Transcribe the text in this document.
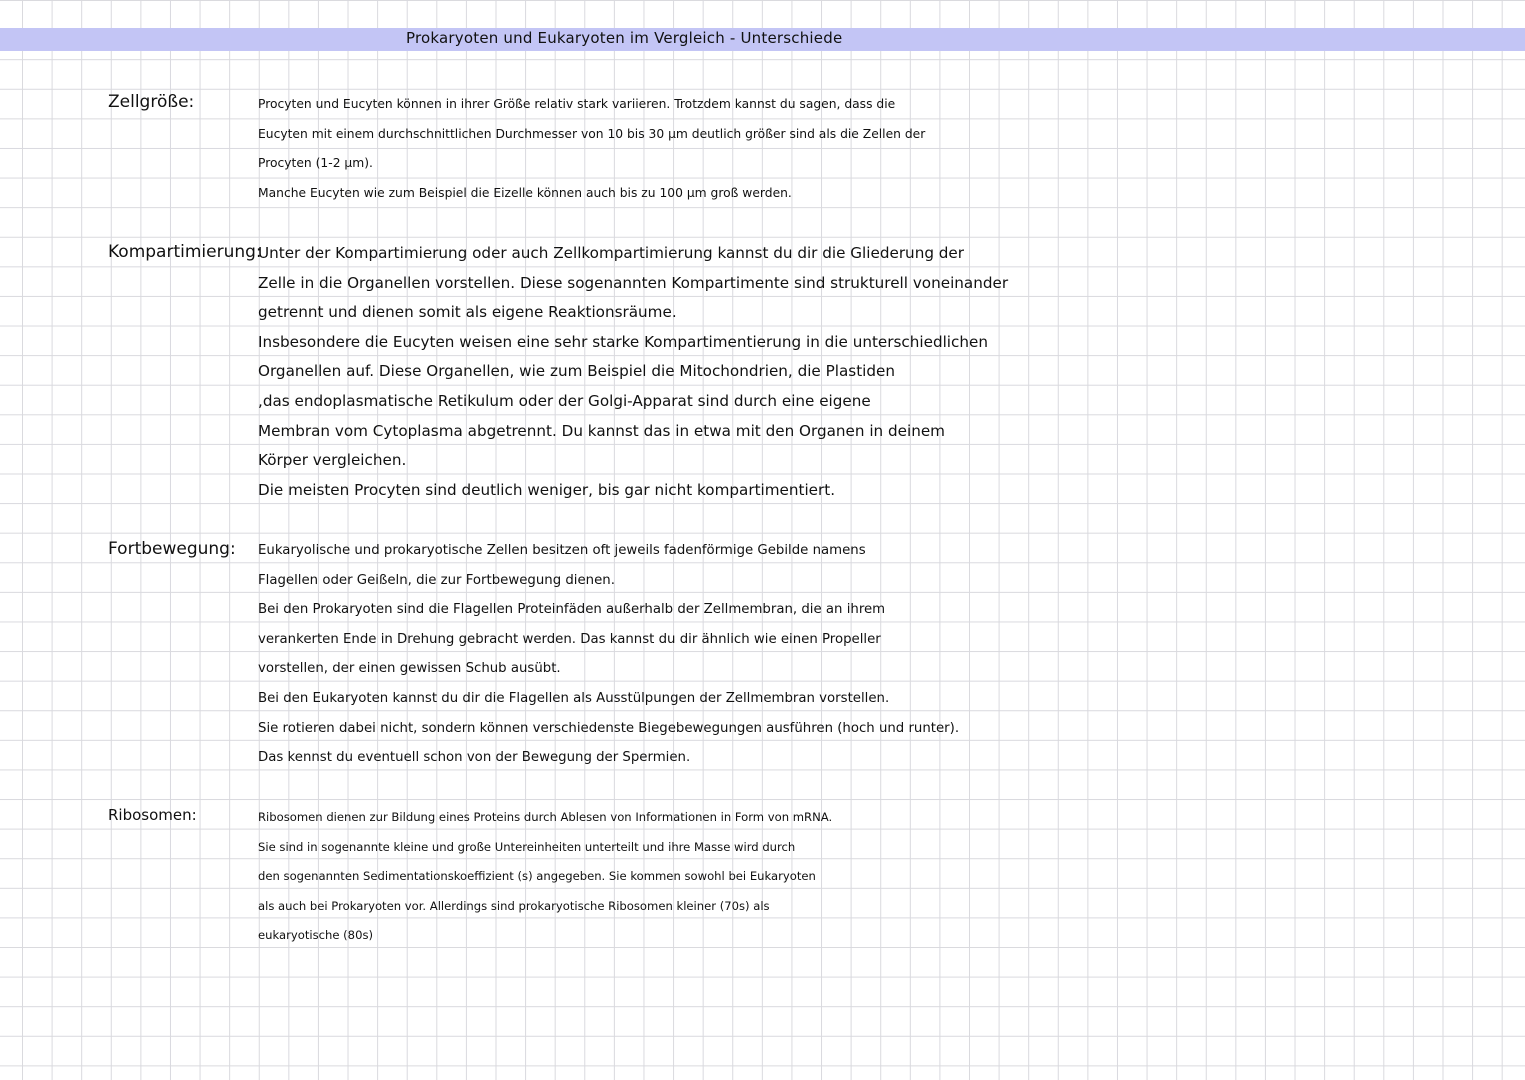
Prokaryoten und Eukaryoten im Vergleich - Unterschiede
Zellgröße:	Procyten und Eucyten können in ihrer Größe relativ stark variieren. Trotzdem kannst du sagen, dass die
Eucyten mit einem durchschnittlichen Durchmesser von 10 bis 30 µm deutlich größer sind als die Zellen der
Procyten (1-2 µm).
Manche Eucyten wie zum Beispiel die Eizelle können auch bis zu 100 µm groß werden.
Kompartimierung:
Unter der Kompartimierung oder auch Zellkompartimierung kannst du dir die Gliederung der
Zelle in die Organellen vorstellen. Diese sogenannten Kompartimente sind strukturell voneinander
getrennt und dienen somit als eigene Reaktionsräume.
Insbesondere die Eucyten weisen eine sehr starke Kompartimentierung in die unterschiedlichen
Organellen auf. Diese Organellen, wie zum Beispiel die Mitochondrien, die Plastiden
,das endoplasmatische Retikulum oder der Golgi-Apparat sind durch eine eigene
Membran vom Cytoplasma abgetrennt. Du kannst das in etwa mit den Organen in deinem
Körper vergleichen.
Die meisten Procyten sind deutlich weniger, bis gar nicht kompartimentiert.
Fortbewegung: Eukaryolische und prokaryotische Zellen besitzen oft jeweils fadenförmige Gebilde namens
Flagellen oder Geißeln, die zur Fortbewegung dienen.
Bei den Prokaryoten sind die Flagellen Proteinfäden außerhalb der Zellmembran, die an ihrem
verankerten Ende in Drehung gebracht werden. Das kannst du dir ähnlich wie einen Propeller
vorstellen, der einen gewissen Schub ausübt.
Bei den Eukaryoten kannst du dir die Flagellen als Ausstülpungen der Zellmembran vorstellen.
Sie rotieren dabei nicht, sondern können verschiedenste Biegebewegungen ausführen (hoch und runter).
Das kennst du eventuell schon von der Bewegung der Spermien.
Ribosomen:	Ribosomen dienen zur Bildung eines Proteins durch Ablesen von Informationen in Form von mRNA.
Sie sind in sogenannte kleine und große Untereinheiten unterteilt und ihre Masse wird durch
den sogenannten Sedimentationskoeffizient (s) angegeben. Sie kommen sowohl bei Eukaryoten
als auch bei Prokaryoten vor. Allerdings sind prokaryotische Ribosomen kleiner (70s) als
eukaryotische (80s)
